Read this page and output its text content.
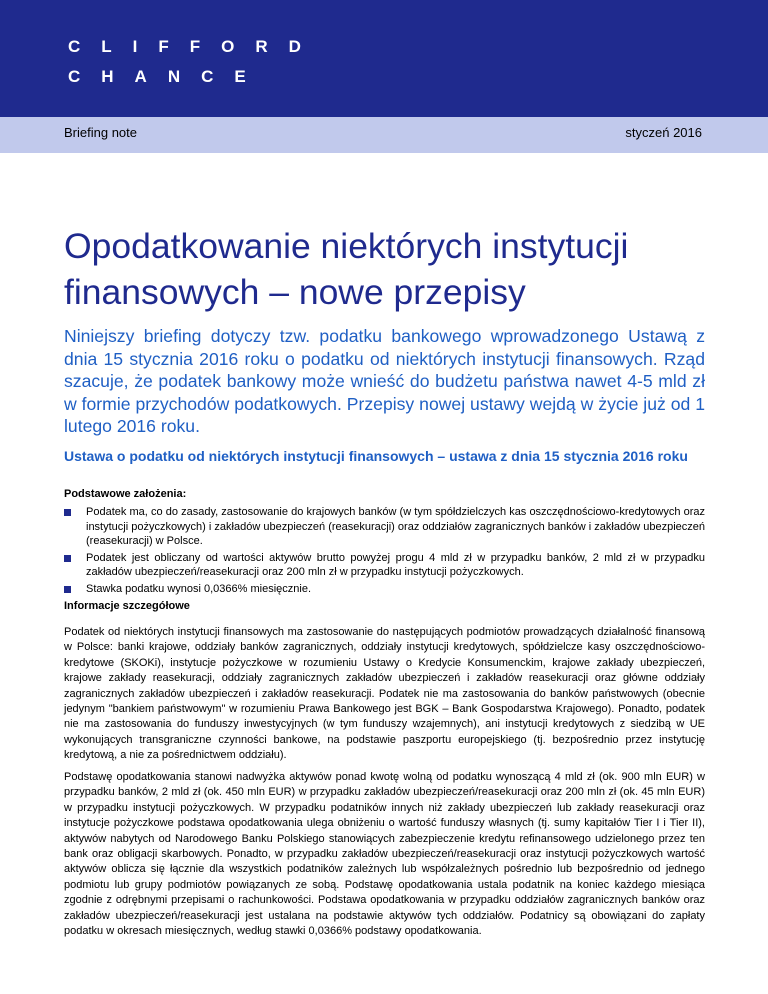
CLIFFORD
CHANCE
Briefing note	styczeń 2016
Opodatkowanie niektórych instytucji finansowych – nowe przepisy

Niniejszy briefing dotyczy tzw. podatku bankowego wprowadzonego Ustawą z dnia 15 stycznia 2016 roku o podatku od niektórych instytucji finansowych. Rząd szacuje, że podatek bankowy może wnieść do budżetu państwa nawet 4-5 mld zł w formie przychodów podatkowych. Przepisy nowej ustawy wejdą w życie już od 1 lutego 2016 roku.

Ustawa o podatku od niektórych instytucji finansowych – ustawa z dnia 15 stycznia 2016 roku
Podstawowe założenia:
Podatek ma, co do zasady, zastosowanie do krajowych banków (w tym spółdzielczych kas oszczędnościowo-kredytowych oraz instytucji pożyczkowych) i zakładów ubezpieczeń (reasekuracji) oraz oddziałów zagranicznych banków i zakładów ubezpieczeń (reasekuracji) w Polsce.
Podatek jest obliczany od wartości aktywów brutto powyżej progu 4 mld zł w przypadku banków, 2 mld zł w przypadku zakładów ubezpieczeń/reasekuracji oraz 200 mln zł w przypadku instytucji pożyczkowych.
Stawka podatku wynosi 0,0366% miesięcznie.
Informacje szczegółowe

Podatek od niektórych instytucji finansowych ma zastosowanie do następujących podmiotów prowadzących działalność finansową w Polsce: banki krajowe, oddziały banków zagranicznych, oddziały instytucji kredytowych, spółdzielcze kasy oszczędnościowo-kredytowe (SKOKi), instytucje pożyczkowe w rozumieniu Ustawy o Kredycie Konsumenckim, krajowe zakłady ubezpieczeń, krajowe zakłady reasekuracji, oddziały zagranicznych zakładów ubezpieczeń i zakładów reasekuracji oraz główne oddziały zagranicznych zakładów ubezpieczeń i zakładów reasekuracji. Podatek nie ma zastosowania do banków państwowych (obecnie jedynym "bankiem państwowym" w rozumieniu Prawa Bankowego jest BGK – Bank Gospodarstwa Krajowego). Ponadto, podatek nie ma zastosowania do funduszy inwestycyjnych (w tym funduszy wzajemnych), ani instytucji kredytowych z siedzibą w UE wykonujących transgraniczne czynności bankowe, na podstawie paszportu europejskiego (tj. bezpośrednio przez instytucję kredytową, a nie za pośrednictwem oddziału).

Podstawę opodatkowania stanowi nadwyżka aktywów ponad kwotę wolną od podatku wynoszącą 4 mld zł (ok. 900 mln EUR) w przypadku banków, 2 mld zł (ok. 450 mln EUR) w przypadku zakładów ubezpieczeń/reasekuracji oraz 200 mln zł (ok. 45 mln EUR) w przypadku instytucji pożyczkowych. W przypadku podatników innych niż zakłady ubezpieczeń lub zakłady reasekuracji oraz instytucje pożyczkowe podstawa opodatkowania ulega obniżeniu o wartość funduszy własnych (tj. sumy kapitałów Tier I i Tier II), aktywów nabytych od Narodowego Banku Polskiego stanowiących zabezpieczenie kredytu refinansowego udzielonego przez ten bank oraz obligacji skarbowych. Ponadto, w przypadku zakładów ubezpieczeń/reasekuracji oraz instytucji pożyczkowych wartość aktywów oblicza się łącznie dla wszystkich podatników zależnych lub współzależnych pośrednio lub bezpośrednio od jednego podmiotu lub grupy podmiotów powiązanych ze sobą. Podstawę opodatkowania ustala podatnik na koniec każdego miesiąca zgodnie z odrębnymi przepisami o rachunkowości. Podstawa opodatkowania w przypadku oddziałów zagranicznych banków oraz zakładów ubezpieczeń/reasekuracji jest ustalana na podstawie aktywów tych oddziałów. Podatnicy są obowiązani do zapłaty podatku w okresach miesięcznych, według stawki 0,0366% podstawy opodatkowania.
